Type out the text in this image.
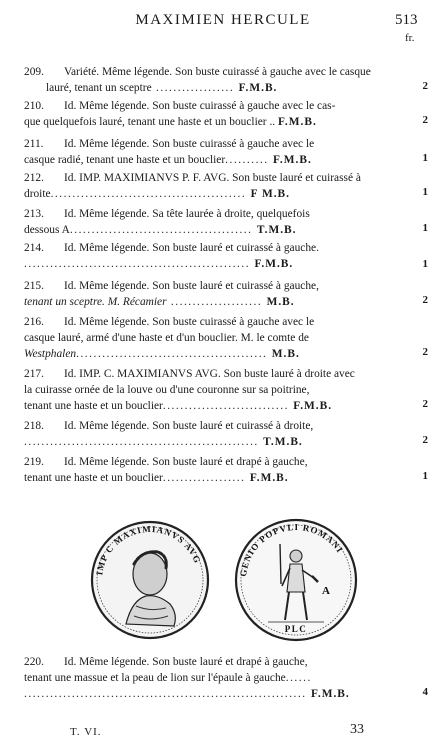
MAXIMIEN HERCULE	513
fr.
209. Variété. Même légende. Son buste cuirassé à gauche avec le casque
lauré, tenant un sceptre .................. F.M.B.	2
210. Id. Même légende. Son buste cuirassé à gauche avec le cas-
que quelquefois lauré, tenant une haste et un bouclier .. F.M.B.	2
211. Id. Même légende. Son buste cuirassé à gauche avec le
casque radié, tenant une haste et un bouclier.......... F.M.B.	1
212. Id. IMP. MAXIMIANVS P. F. AVG. Son buste lauré et cuirassé à
droite............................................. F M.B.	1
213. Id. Même légende. Sa tête laurée à droite, quelquefois
dessous A.......................................... T.M.B.	1
214. Id. Même légende. Son buste lauré et cuirassé à gauche.
.................................................... F.M.B.	1
215. Id. Même légende. Son buste lauré et cuirassé à gauche,
tenant un sceptre. M. Récamier ..................... M.B.	2
216. Id. Même légende. Son buste cuirassé à gauche avec le
casque lauré, armé d'une haste et d'un bouclier. M. le comte de
Westphalen............................................ M.B.	2
217. Id. IMP. C. MAXIMIANVS AVG. Son buste lauré à droite avec
la cuirasse ornée de la louve ou d'une couronne sur sa poitrine,
tenant une haste et un bouclier............................. F.M.B.	2
218. Id. Même légende. Son buste lauré et cuirassé à droite,
...................................................... T.M.B.	2
219. Id. Même légende. Son buste lauré et drapé à gauche,
tenant une haste et un bouclier................... F.M.B.	1
IMP C MAXIMIANVS AVG
GENIO POPVLI ROMANI
A
PLC
220. Id. Même légende. Son buste lauré et drapé à gauche,
tenant une massue et la peau de lion sur l'épaule à gauche......
................................................................. F.M.B.	4
T. VI.	33
